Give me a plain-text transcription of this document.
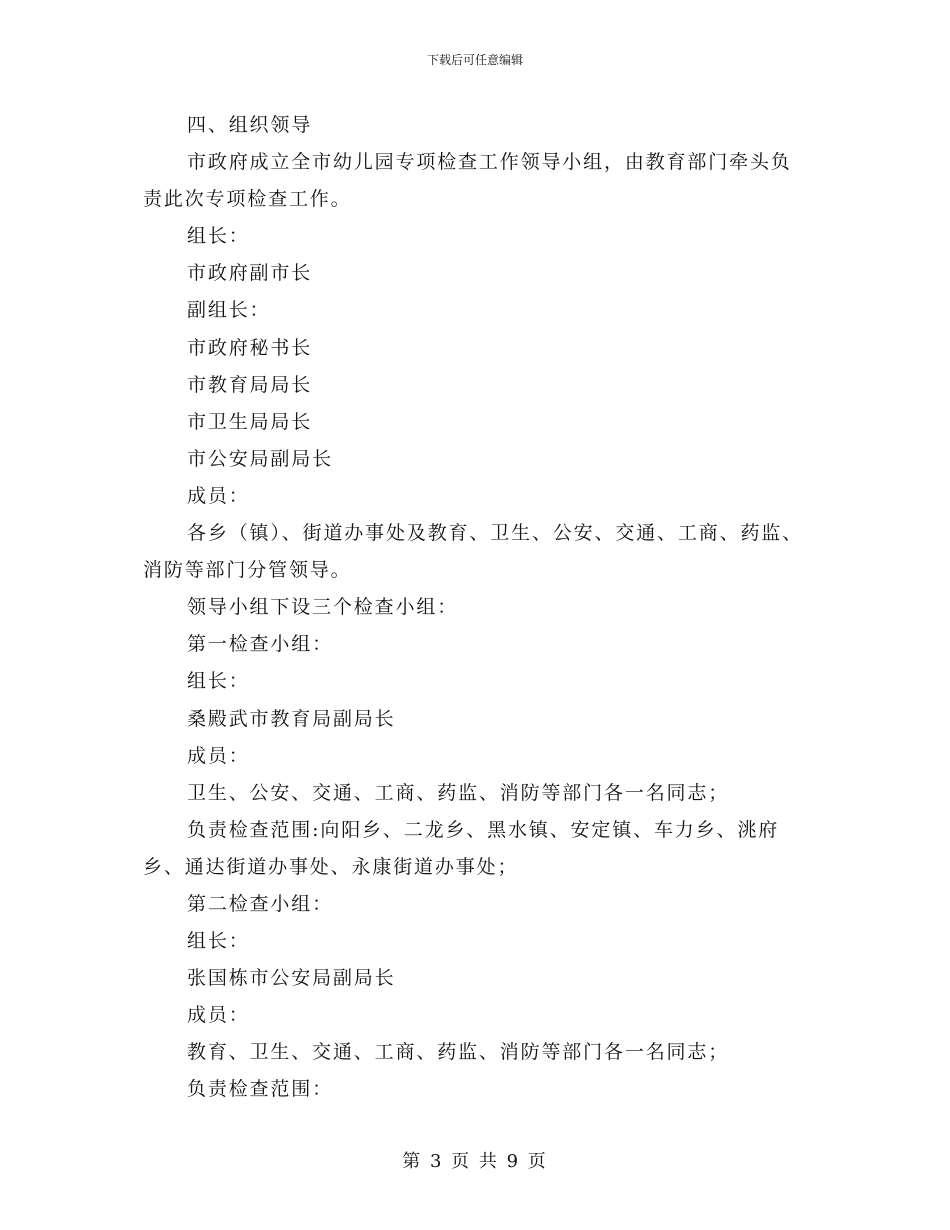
下载后可任意编辑

四、组织领导

市政府成立全市幼儿园专项检查工作领导小组，由教育部门牵头负责此次专项检查工作。

组长：

市政府副市长

副组长：

市政府秘书长

市教育局局长

市卫生局局长

市公安局副局长

成员：

各乡（镇）、街道办事处及教育、卫生、公安、交通、工商、药监、消防等部门分管领导。

领导小组下设三个检查小组：

第一检查小组：

组长：

桑殿武市教育局副局长

成员：

卫生、公安、交通、工商、药监、消防等部门各一名同志；

负责检查范围:向阳乡、二龙乡、黑水镇、安定镇、车力乡、洮府乡、通达街道办事处、永康街道办事处；

第二检查小组：

组长：

张国栋市公安局副局长

成员：

教育、卫生、交通、工商、药监、消防等部门各一名同志；

负责检查范围：

第 3 页 共 9 页
